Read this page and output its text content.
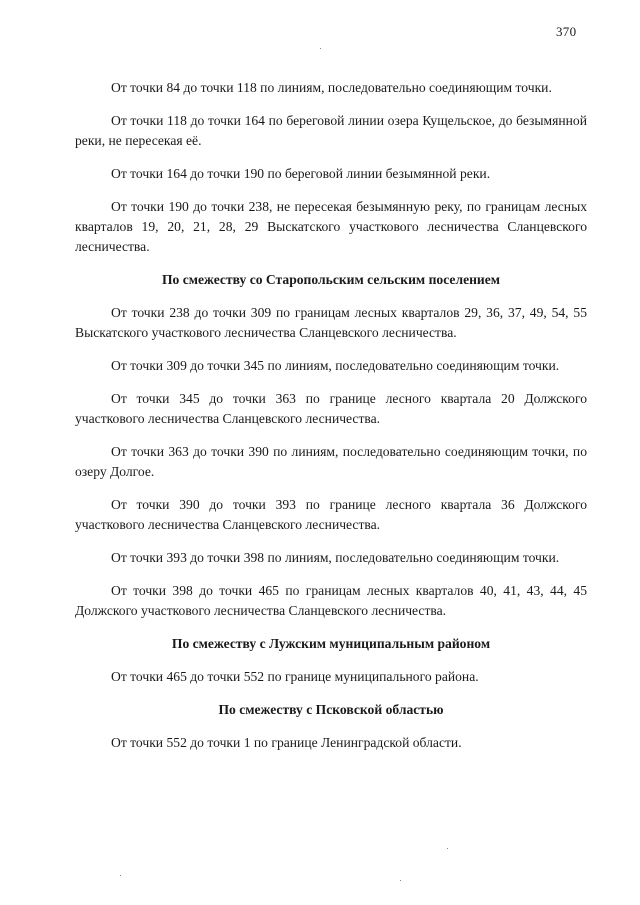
370

От точки 84 до точки 118 по линиям, последовательно соединяющим точки.

От точки 118 до точки 164 по береговой линии озера Кущельское, до безымянной реки, не пересекая её.

От точки 164 до точки 190 по береговой линии безымянной реки.

От точки 190 до точки 238, не пересекая безымянную реку, по границам лесных кварталов 19, 20, 21, 28, 29 Выскатского участкового лесничества Сланцевского лесничества.

По смежеству со Старопольским сельским поселением

От точки 238 до точки 309 по границам лесных кварталов 29, 36, 37, 49, 54, 55 Выскатского участкового лесничества Сланцевского лесничества.

От точки 309 до точки 345 по линиям, последовательно соединяющим точки.

От точки 345 до точки 363 по границе лесного квартала 20 Должского участкового лесничества Сланцевского лесничества.

От точки 363 до точки 390 по линиям, последовательно соединяющим точки, по озеру Долгое.

От точки 390 до точки 393 по границе лесного квартала 36 Должского участкового лесничества Сланцевского лесничества.

От точки 393 до точки 398 по линиям, последовательно соединяющим точки.

От точки 398 до точки 465 по границам лесных кварталов 40, 41, 43, 44, 45 Должского участкового лесничества Сланцевского лесничества.

По смежеству с Лужским муниципальным районом

От точки 465 до точки 552 по границе муниципального района.

По смежеству с Псковской областью

От точки 552 до точки 1 по границе Ленинградской области.
